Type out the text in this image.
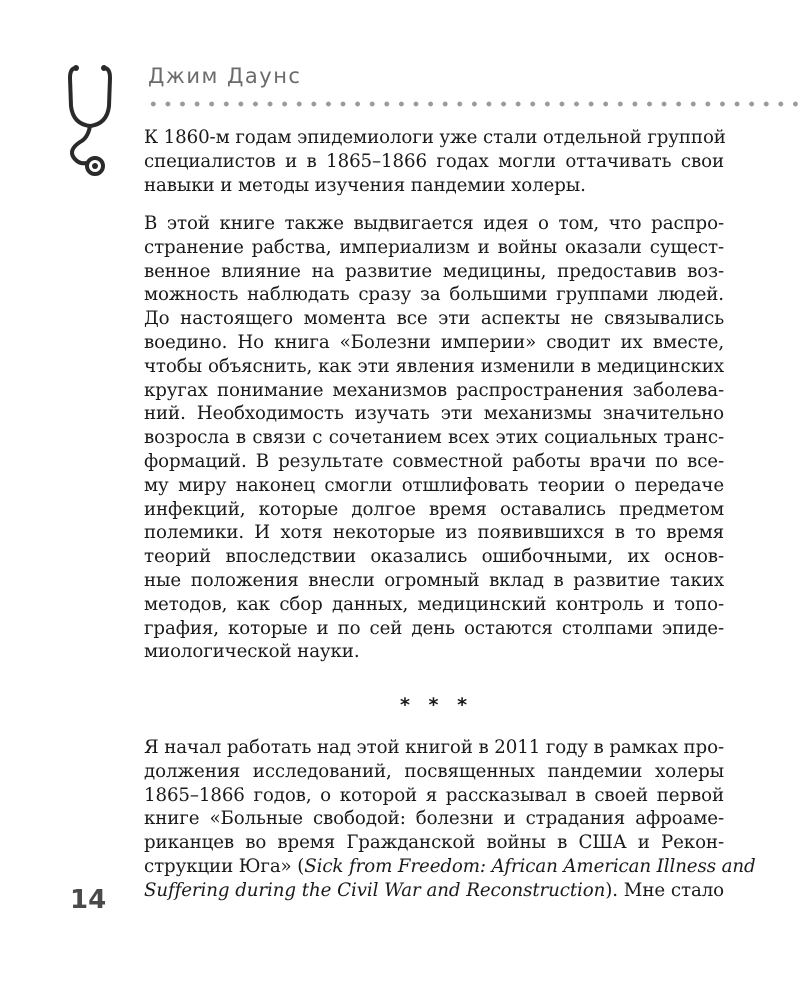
Джим Даунс

К 1860-м годам эпидемиологи уже стали отдельной группой
специалистов и в 1865–1866 годах могли оттачивать свои
навыки и методы изучения пандемии холеры.
В этой книге также выдвигается идея о том, что распро-
странение рабства, империализм и войны оказали сущест-
венное влияние на развитие медицины, предоставив воз-
можность наблюдать сразу за большими группами людей.
До настоящего момента все эти аспекты не связывались
воедино. Но книга «Болезни империи» сводит их вместе,
чтобы объяснить, как эти явления изменили в медицинских
кругах понимание механизмов распространения заболева-
ний. Необходимость изучать эти механизмы значительно
возросла в связи с сочетанием всех этих социальных транс-
формаций. В результате совместной работы врачи по все-
му миру наконец смогли отшлифовать теории о передаче
инфекций, которые долгое время оставались предметом
полемики. И хотя некоторые из появившихся в то время
теорий впоследствии оказались ошибочными, их основ-
ные положения внесли огромный вклад в развитие таких
методов, как сбор данных, медицинский контроль и топо-
графия, которые и по сей день остаются столпами эпиде-
миологической науки.

* * *

Я начал работать над этой книгой в 2011 году в рамках про-
должения исследований, посвященных пандемии холеры
1865–1866 годов, о которой я рассказывал в своей первой
книге «Больные свободой: болезни и страдания афроаме-
риканцев во время Гражданской войны в США и Рекон-
струкции Юга» (Sick from Freedom: African American Illness and
Suffering during the Civil War and Reconstruction). Мне стало

14
